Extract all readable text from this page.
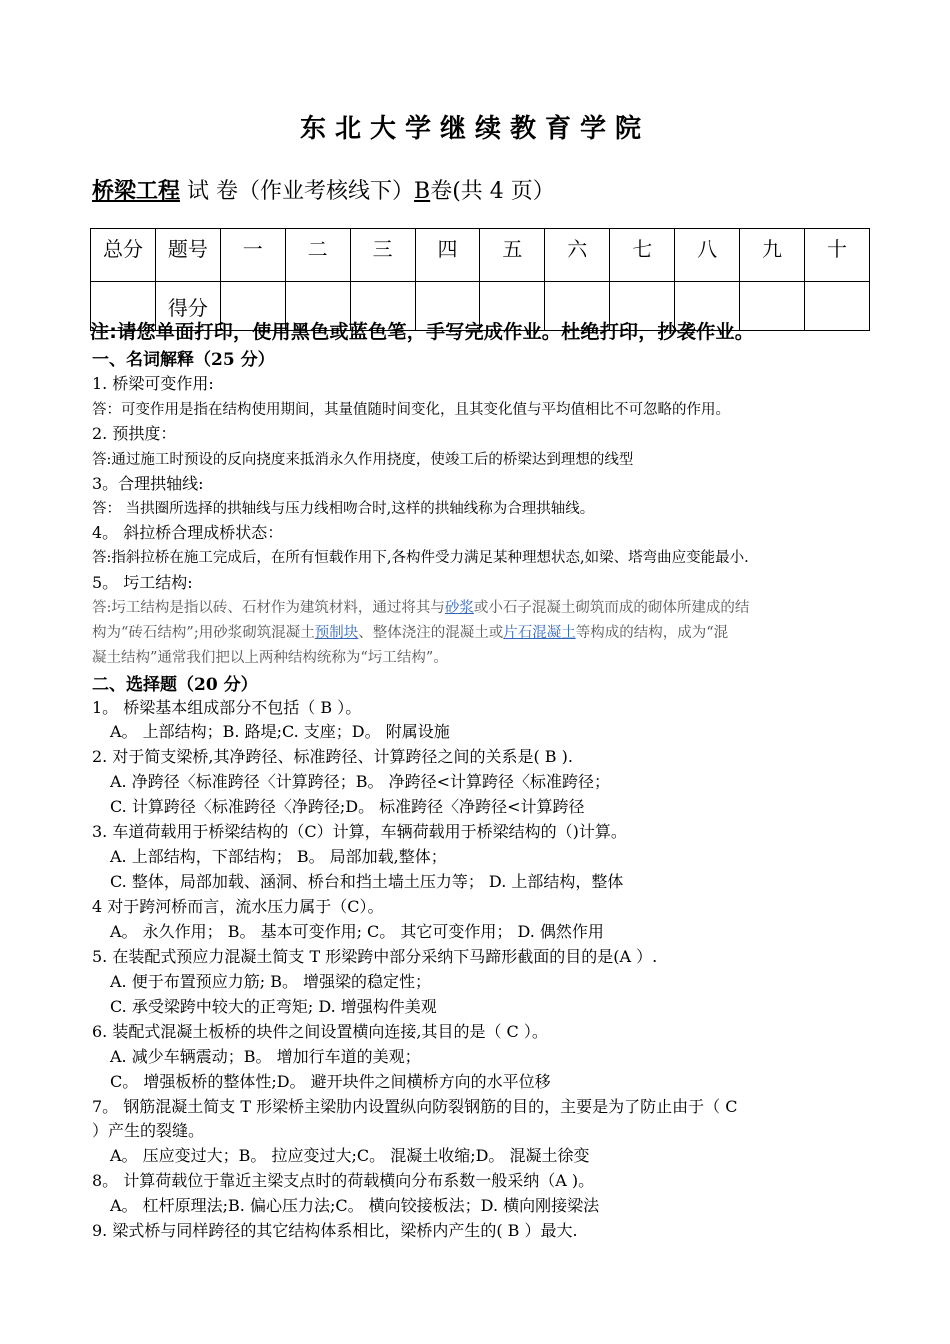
东北大学继续教育学院
桥梁工程 试 卷（作业考核线下）B卷(共 4 页）
总分	题号	一	二	三	四	五	六	七	八	九	十
	得分										
注:请您单面打印，使用黑色或蓝色笔，手写完成作业。杜绝打印，抄袭作业。
一、名词解释（25 分）
1. 桥梁可变作用:
答：可变作用是指在结构使用期间，其量值随时间变化，且其变化值与平均值相比不可忽略的作用。
2. 预拱度：
答:通过施工时预设的反向挠度来抵消永久作用挠度，使竣工后的桥梁达到理想的线型
3。合理拱轴线:
答： 当拱圈所选择的拱轴线与压力线相吻合时,这样的拱轴线称为合理拱轴线。
4。 斜拉桥合理成桥状态：
答:指斜拉桥在施工完成后，在所有恒载作用下,各构件受力满足某种理想状态,如梁、塔弯曲应变能最小.
5。 圬工结构:
答:圬工结构是指以砖、石材作为建筑材料，通过将其与砂浆或小石子混凝土砌筑而成的砌体所建成的结
构为“砖石结构”;用砂浆砌筑混凝土预制块、整体浇注的混凝土或片石混凝土等构成的结构，成为“混
凝土结构”通常我们把以上两种结构统称为“圬工结构”。
二、选择题（20 分）
1。 桥梁基本组成部分不包括（ B ）。
A。 上部结构；B. 路堤;C. 支座；D。 附属设施
2. 对于简支梁桥,其净跨径、标准跨径、计算跨径之间的关系是( B ).
A. 净跨径〈标准跨径〈计算跨径；B。 净跨径<计算跨径〈标准跨径；
C. 计算跨径〈标准跨径〈净跨径;D。 标准跨径〈净跨径<计算跨径
3. 车道荷载用于桥梁结构的（C）计算，车辆荷载用于桥梁结构的（)计算。
A. 上部结构，下部结构； B。 局部加载,整体；
C. 整体，局部加载、涵洞、桥台和挡土墙土压力等； D. 上部结构，整体
4 对于跨河桥而言，流水压力属于（C）。
A。 永久作用； B。 基本可变作用; C。 其它可变作用； D. 偶然作用
5. 在装配式预应力混凝土简支 T 形梁跨中部分采纳下马蹄形截面的目的是(A ）.
A. 便于布置预应力筋; B。 增强梁的稳定性；
C. 承受梁跨中较大的正弯矩; D. 增强构件美观
6. 装配式混凝土板桥的块件之间设置横向连接,其目的是（ C ）。
A. 减少车辆震动；B。 增加行车道的美观；
C。 增强板桥的整体性;D。 避开块件之间横桥方向的水平位移
7。 钢筋混凝土简支 T 形梁桥主梁肋内设置纵向防裂钢筋的目的，主要是为了防止由于（ C
）产生的裂缝。
A。 压应变过大；B。 拉应变过大;C。 混凝土收缩;D。 混凝土徐变
8。 计算荷载位于靠近主梁支点时的荷载横向分布系数一般采纳（A )。
A。 杠杆原理法;B. 偏心压力法;C。 横向铰接板法；D. 横向刚接梁法
9. 梁式桥与同样跨径的其它结构体系相比，梁桥内产生的( B ）最大.
